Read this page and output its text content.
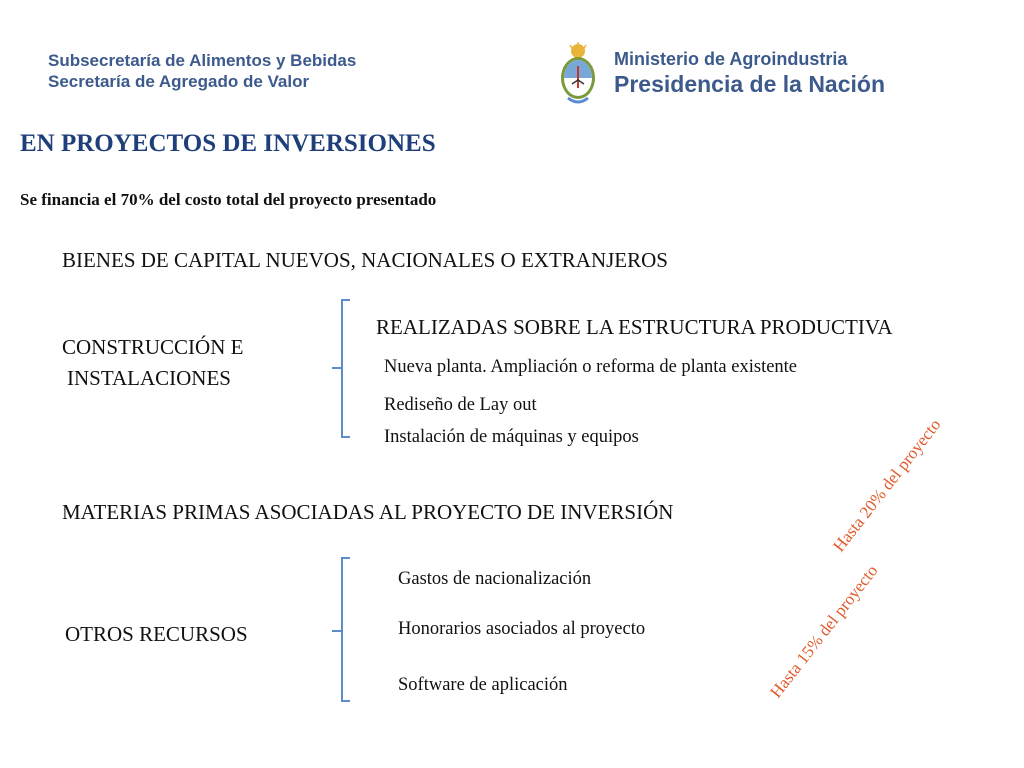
Subsecretaría de Alimentos y Bebidas
Secretaría de Agregado de Valor
Ministerio de Agroindustria
Presidencia de la Nación
EN PROYECTOS DE INVERSIONES
Se financia el 70% del costo total del proyecto presentado
BIENES DE CAPITAL NUEVOS, NACIONALES O EXTRANJEROS
CONSTRUCCIÓN E
INSTALACIONES
REALIZADAS SOBRE LA ESTRUCTURA PRODUCTIVA
Nueva planta. Ampliación o reforma de planta existente
Rediseño de Lay out
Instalación de máquinas y equipos
MATERIAS PRIMAS ASOCIADAS AL PROYECTO DE INVERSIÓN
OTROS RECURSOS
Gastos de nacionalización
Honorarios asociados al proyecto
Software de aplicación
Hasta 20% del proyecto
Hasta 15% del proyecto
